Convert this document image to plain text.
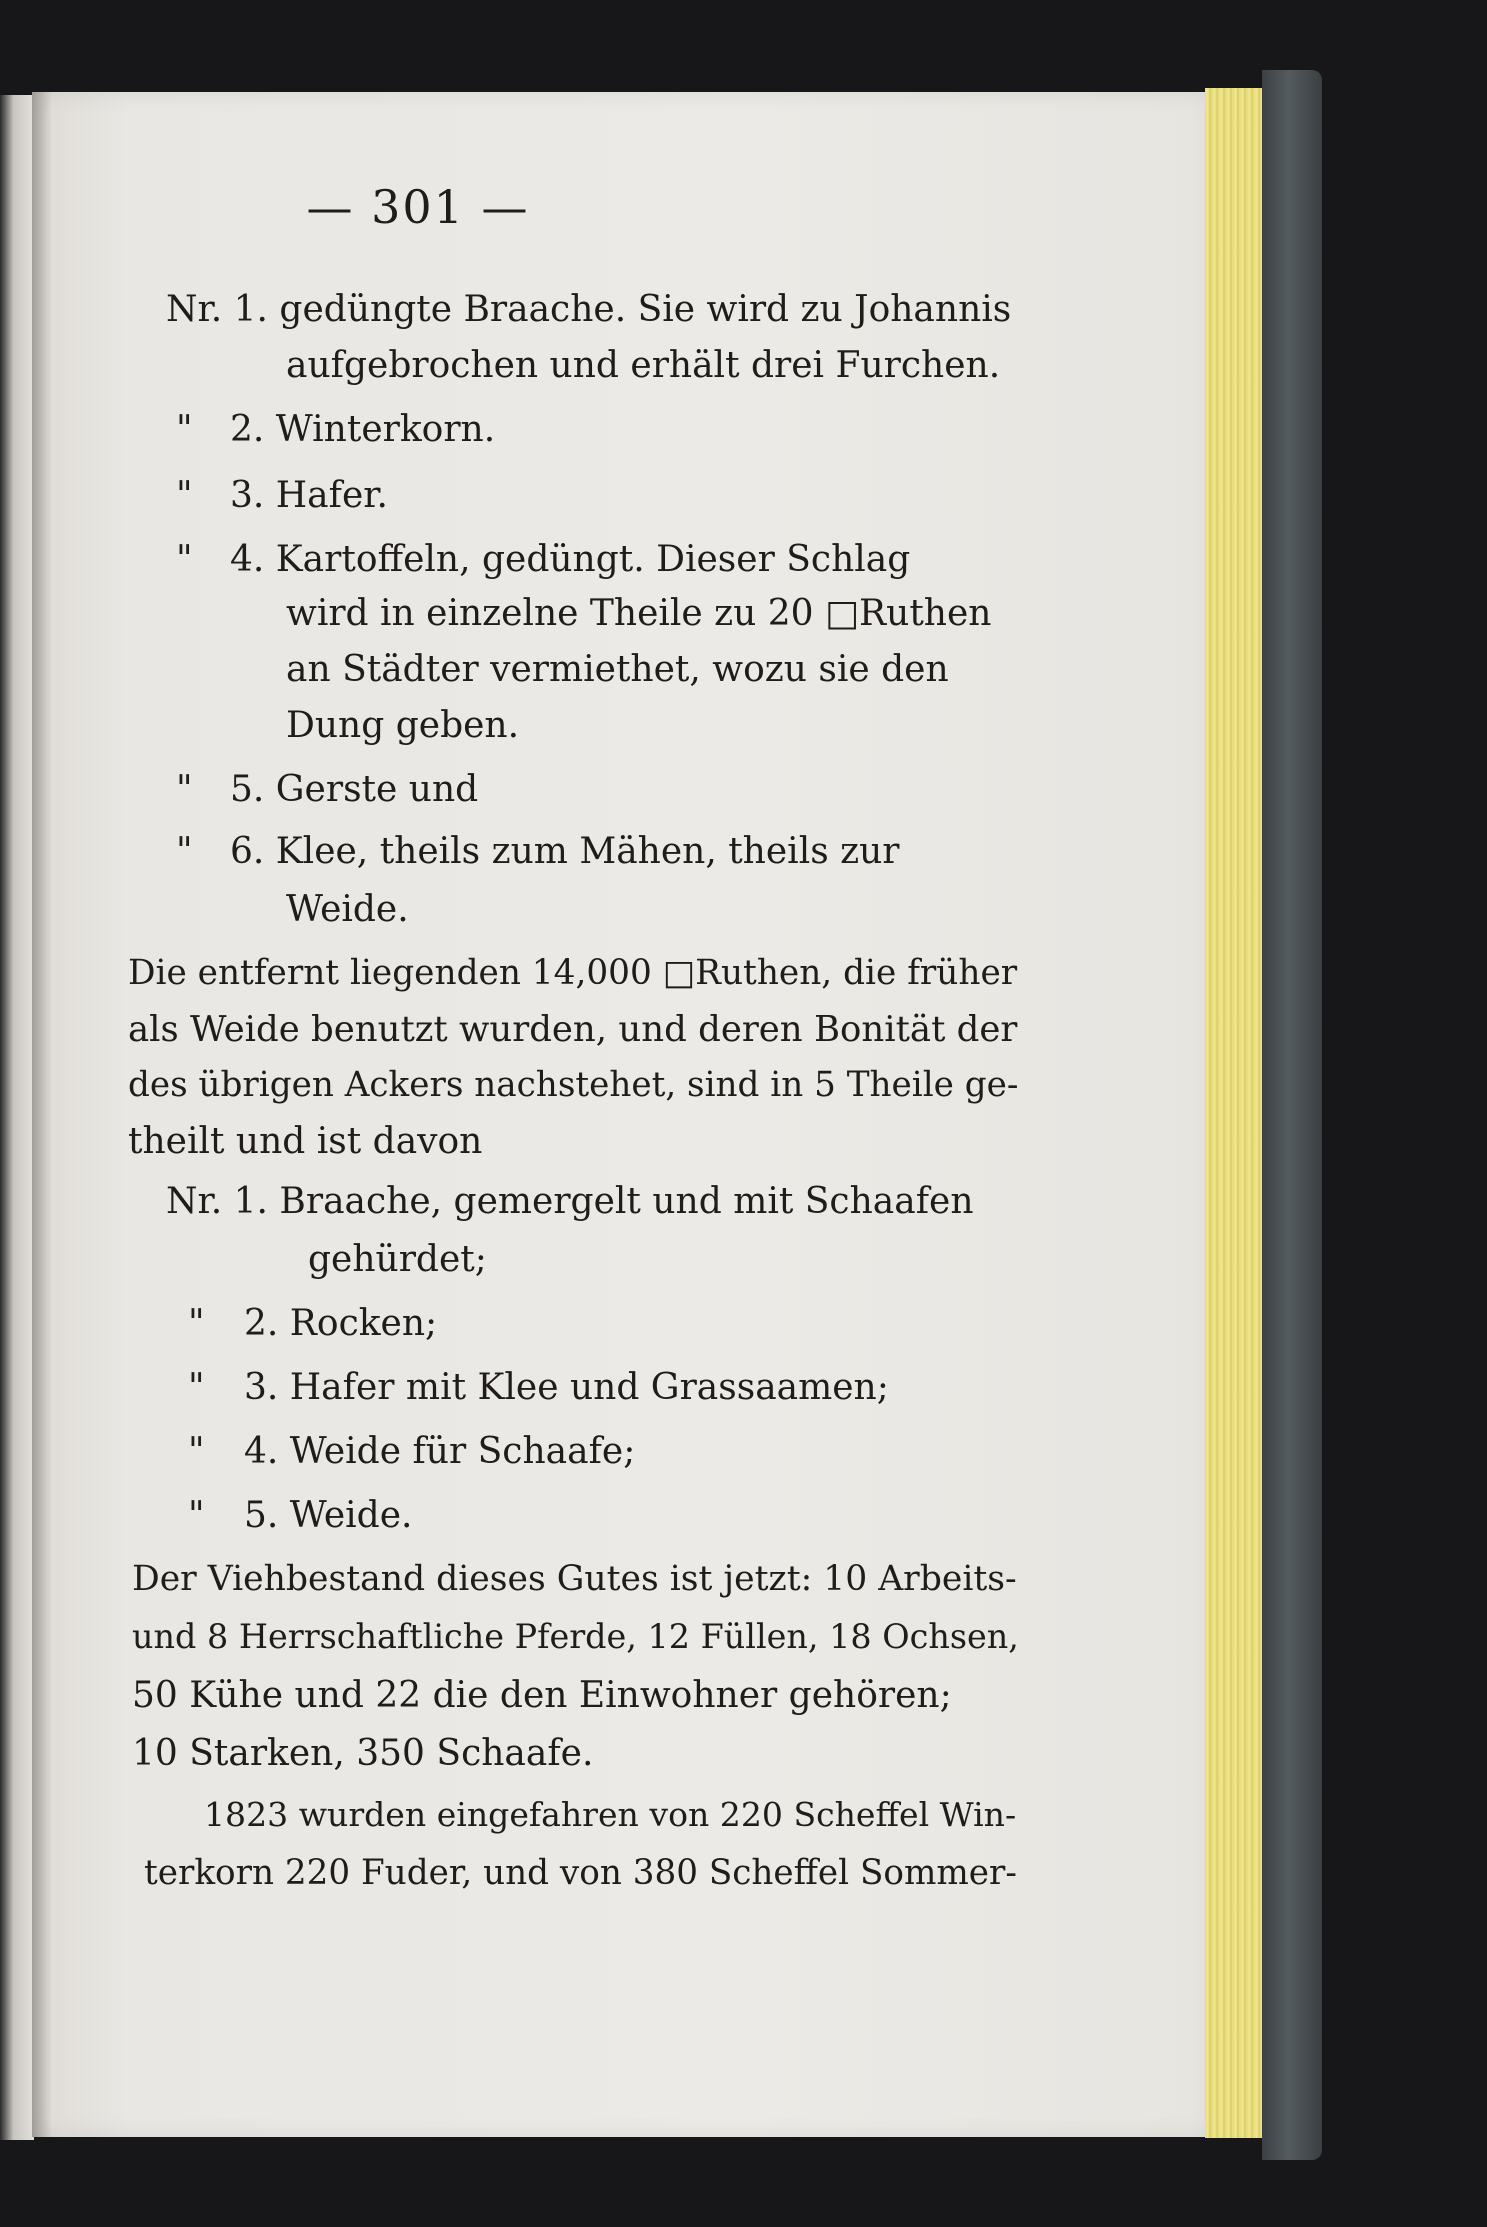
— 301 —
Nr. 1. gedüngte Braache. Sie wird zu Johannis
aufgebrochen und erhält drei Furchen.
" 2. Winterkorn.
" 3. Hafer.
" 4. Kartoffeln, gedüngt. Dieser Schlag
wird in einzelne Theile zu 20 □Ruthen
an Städter vermiethet, wozu sie den
Dung geben.
" 5. Gerste und
" 6. Klee, theils zum Mähen, theils zur
Weide.
Die entfernt liegenden 14,000 □Ruthen, die früher
als Weide benutzt wurden, und deren Bonität der
des übrigen Ackers nachstehet, sind in 5 Theile ge-
theilt und ist davon
Nr. 1. Braache, gemergelt und mit Schaafen
gehürdet;
" 2. Rocken;
" 3. Hafer mit Klee und Grassaamen;
" 4. Weide für Schaafe;
" 5. Weide.
Der Viehbestand dieses Gutes ist jetzt: 10 Arbeits-
und 8 Herrschaftliche Pferde, 12 Füllen, 18 Ochsen,
50 Kühe und 22 die den Einwohner gehören;
10 Starken, 350 Schaafe.
1823 wurden eingefahren von 220 Scheffel Win-
terkorn 220 Fuder, und von 380 Scheffel Sommer-
